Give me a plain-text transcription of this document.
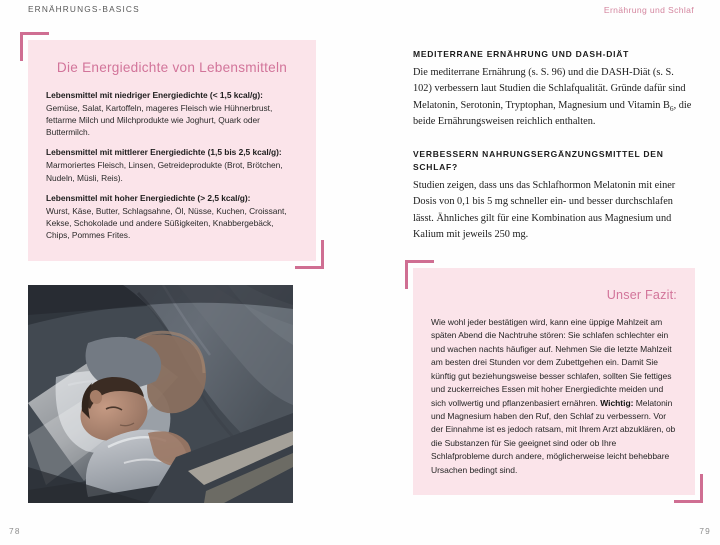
ERNÄHRUNGS-BASICS	Ernährung und Schlaf
Die Energiedichte von Lebensmitteln
Lebensmittel mit niedriger Energiedichte (< 1,5 kcal/g):
Gemüse, Salat, Kartoffeln, mageres Fleisch wie Hühnerbrust, fettarme Milch und Milchprodukte wie Joghurt, Quark oder Buttermilch.
Lebensmittel mit mittlerer Energiedichte (1,5 bis 2,5 kcal/g):
Marmoriertes Fleisch, Linsen, Getreideprodukte (Brot, Brötchen, Nudeln, Müsli, Reis).
Lebensmittel mit hoher Energiedichte (> 2,5 kcal/g):
Wurst, Käse, Butter, Schlagsahne, Öl, Nüsse, Kuchen, Croissant, Kekse, Schokolade und andere Süßigkeiten, Knabbergebäck, Chips, Pommes Frites.
MEDITERRANE ERNÄHRUNG UND DASH-DIÄT

Die mediterrane Ernährung (s. S. 96) und die DASH-Diät (s. S. 102) verbessern laut Studien die Schlafqualität. Gründe dafür sind Melatonin, Serotonin, Tryptophan, Magnesium und Vitamin $B_6$, die beide Ernährungsweisen reichlich enthalten.

VERBESSERN NAHRUNGSERGÄNZUNGSMITTEL DEN SCHLAF?

Studien zeigen, dass uns das Schlafhormon Melatonin mit einer Dosis von 0,1 bis 5 mg schneller ein- und besser durchschlafen lässt. Ähnliches gilt für eine Kombination aus Magnesium und Kalium mit jeweils 250 mg.

Unser Fazit:
Wie wohl jeder bestätigen wird, kann eine üppige Mahlzeit am späten Abend die Nachtruhe stören: Sie schlafen schlechter ein und wachen nachts häufiger auf. Nehmen Sie die letzte Mahlzeit am besten drei Stunden vor dem Zubettgehen ein. Damit Sie künftig gut beziehungsweise besser schlafen, sollten Sie fettiges und zuckerreiches Essen mit hoher Energiedichte meiden und sich vollwertig und pflanzenbasiert ernähren. Wichtig: Melatonin und Magnesium haben den Ruf, den Schlaf zu verbessern. Vor der Einnahme ist es jedoch ratsam, mit Ihrem Arzt abzuklären, ob die Substanzen für Sie geeignet sind oder ob Ihre Schlafprobleme durch andere, möglicherweise leicht behebbare Ursachen bedingt sind.
78	79
